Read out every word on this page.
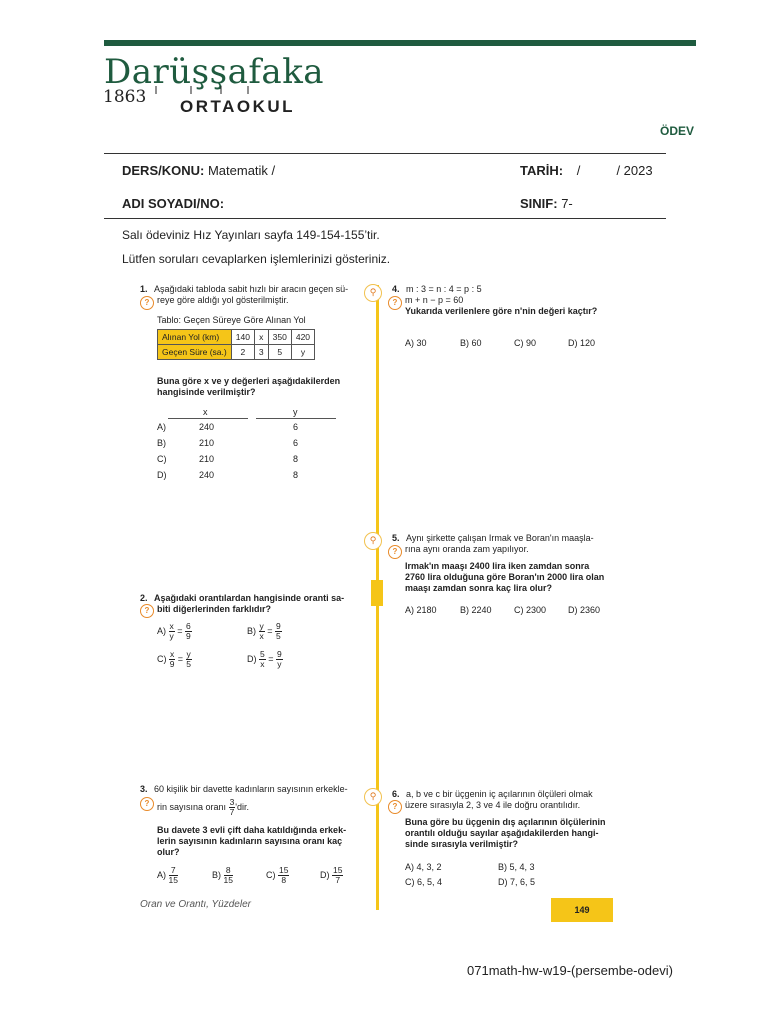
Darüşşafaka
1863 ORTAOKUL
ÖDEV
DERS/KONU: Matematik /	TARİH: /          / 2023
ADI SOYADI/NO:	SINIF: 7-
Salı ödeviniz Hız Yayınları sayfa 149-154-155’tir.
Lütfen soruları cevaplarken işlemlerinizi gösteriniz.
⚲
?
⚲
?
⚲
?
?
1. Aşağıdaki tabloda sabit hızlı bir aracın geçen sü-
reye göre aldığı yol gösterilmiştir.
Tablo: Geçen Süreye Göre Alınan Yol
Alınan Yol (km)	140	x	350	420
Geçen Süre (sa.)	2	3	5	y
Buna göre x ve y değerleri aşağıdakilerden
hangisinde verilmiştir?
x	y
A)	240	6
B)	210	6
C)	210	8
D)	240	8
?
2. Aşağıdaki orantılardan hangisinde oranti sa-
biti diğerlerinden farklıdır?
$A) \frac{x}{y} = \frac{6}{9}$	$B) \frac{y}{x} = \frac{9}{5}$
$C) \frac{x}{9} = \frac{y}{5}$	$D) \frac{5}{x} = \frac{9}{y}$
?
3. 60 kişilik bir davette kadınların sayısının erkekle-
rin sayısına oranı $\frac{3}{7}$ 'dir.
Bu davete 3 evli çift daha katıldığında erkek-
lerin sayısının kadınların sayısına oranı kaç
olur?
$A) \frac{7}{15}$	$B) \frac{8}{15}$	$C) \frac{15}{8}$	$D) \frac{15}{7}$
4. m : 3 = n : 4 = p : 5
m + n − p = 60
Yukarıda verilenlere göre n'nin değeri kaçtır?
A) 30	B) 60	C) 90	D) 120
5. Aynı şirkette çalışan Irmak ve Boran'ın maaşla-
rına aynı oranda zam yapılıyor.
Irmak'ın maaşı 2400 lira iken zamdan sonra
2760 lira olduğuna göre Boran'ın 2000 lira olan
maaşı zamdan sonra kaç lira olur?
A) 2180	B) 2240 C) 2300 D) 2360
6. a, b ve c bir üçgenin iç açılarının ölçüleri olmak
üzere sırasıyla 2, 3 ve 4 ile doğru orantılıdır.
Buna göre bu üçgenin dış açılarının ölçülerinin
orantılı olduğu sayılar aşağıdakilerden hangi-
sinde sırasıyla verilmiştir?
A) 4, 3, 2	B) 5, 4, 3
C) 6, 5, 4	D) 7, 6, 5
Oran ve Orantı, Yüzdeler	149
071math-hw-w19-(persembe-odevi)
